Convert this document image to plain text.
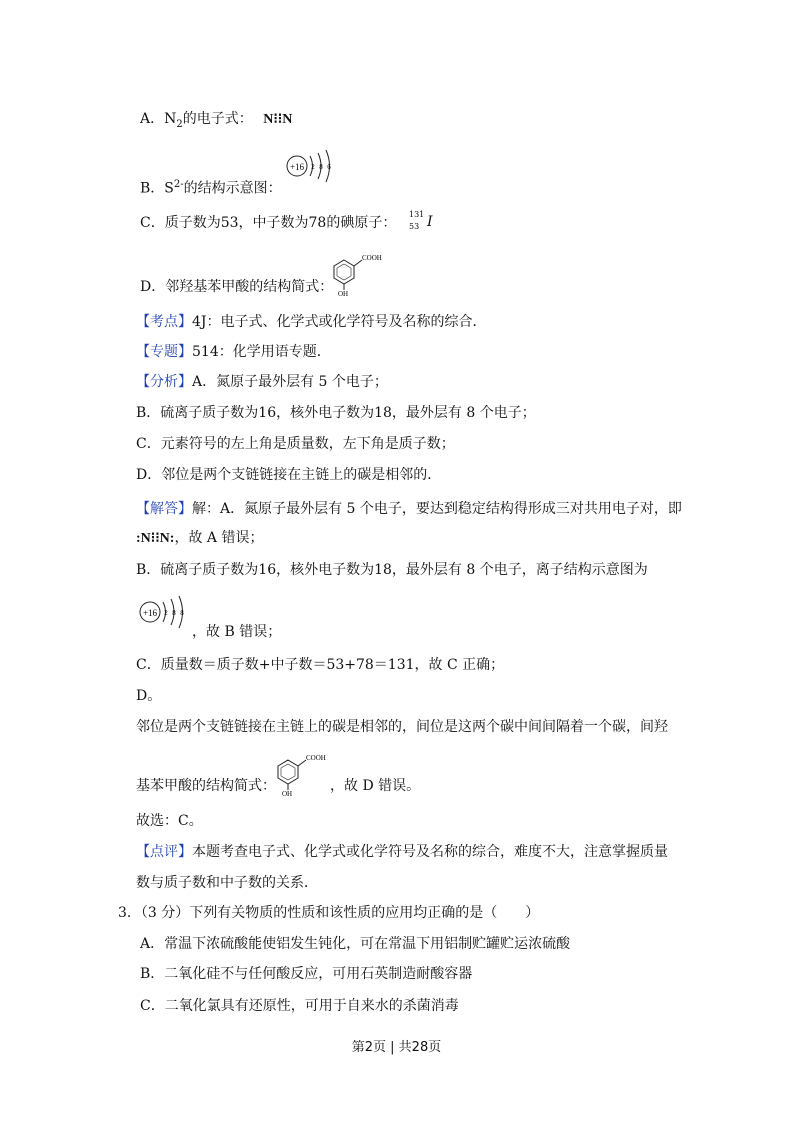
A．$N_2$的电子式： N⁝⁝N
B．$S^{2-}$的结构示意图：
+16 2 8 6
C．质子数为53，中子数为78的碘原子：
131
53 I
D．邻羟基苯甲酸的结构简式：
COOH
OH
【考点】4J：电子式、化学式或化学符号及名称的综合．
【专题】514：化学用语专题．
【分析】A．氮原子最外层有 5 个电子；
B．硫离子质子数为16，核外电子数为18，最外层有 8 个电子；
C．元素符号的左上角是质量数，左下角是质子数；
D．邻位是两个支链链接在主链上的碳是相邻的．
【解答】解：A．氮原子最外层有 5 个电子，要达到稳定结构得形成三对共用电子对，即
:N⁝⁝N:，故 A 错误；
B．硫离子质子数为16，核外电子数为18，最外层有 8 个电子，离子结构示意图为
+16 2 8 8
，故 B 错误；
C．质量数＝质子数+中子数＝53+78＝131，故 C 正确；
D。
邻位是两个支链链接在主链上的碳是相邻的，间位是这两个碳中间间隔着一个碳，间羟
基苯甲酸的结构简式：
COOH
OH	，故 D 错误。
故选：C。
【点评】本题考查电子式、化学式或化学符号及名称的综合，难度不大，注意掌握质量
数与质子数和中子数的关系．
3．（3 分）下列有关物质的性质和该性质的应用均正确的是（　　）
A．常温下浓硫酸能使铝发生钝化，可在常温下用铝制贮罐贮运浓硫酸
B．二氧化硅不与任何酸反应，可用石英制造耐酸容器
C．二氧化氯具有还原性，可用于自来水的杀菌消毒
第2页 | 共28页
